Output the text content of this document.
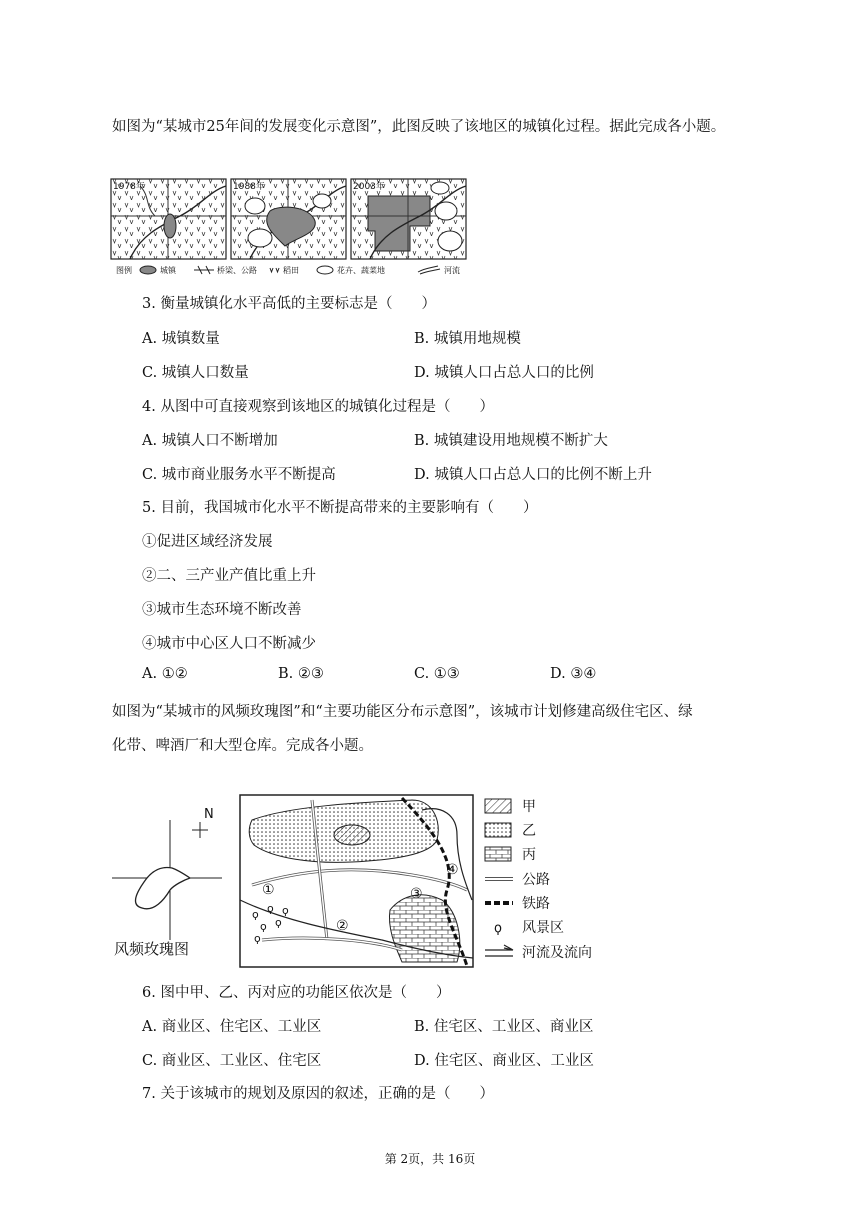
如图为“某城市25年间的发展变化示意图”，此图反映了该地区的城镇化过程。据此完成各小题。
1978年	1988年	2003年
图例	城镇	桥梁、公路	稻田	花卉、蔬菜地	河流
3. 衡量城镇化水平高低的主要标志是（　　）
A. 城镇数量	B. 城镇用地规模
C. 城镇人口数量	D. 城镇人口占总人口的比例
4. 从图中可直接观察到该地区的城镇化过程是（　　）
A. 城镇人口不断增加	B. 城镇建设用地规模不断扩大
C. 城市商业服务水平不断提高	D. 城镇人口占总人口的比例不断上升
5. 目前，我国城市化水平不断提高带来的主要影响有（　　）
①促进区域经济发展
②二、三产业产值比重上升
③城市生态环境不断改善
④城市中心区人口不断减少
A. ①②	B. ②③	C. ①③	D. ③④
如图为“某城市的风频玫瑰图”和“主要功能区分布示意图”，该城市计划修建高级住宅区、绿
化带、啤酒厂和大型仓库。完成各小题。
N
风频玫瑰图
ϙ ϙ ϙ
ϙ ϙ
ϙ
①
②
③
④
甲
乙
丙
公路
铁路
ϙ 风景区
河流及流向
6. 图中甲、乙、丙对应的功能区依次是（　　）
A. 商业区、住宅区、工业区	B. 住宅区、工业区、商业区
C. 商业区、工业区、住宅区	D. 住宅区、商业区、工业区
7. 关于该城市的规划及原因的叙述，正确的是（　　）
第 2页，共 16页
